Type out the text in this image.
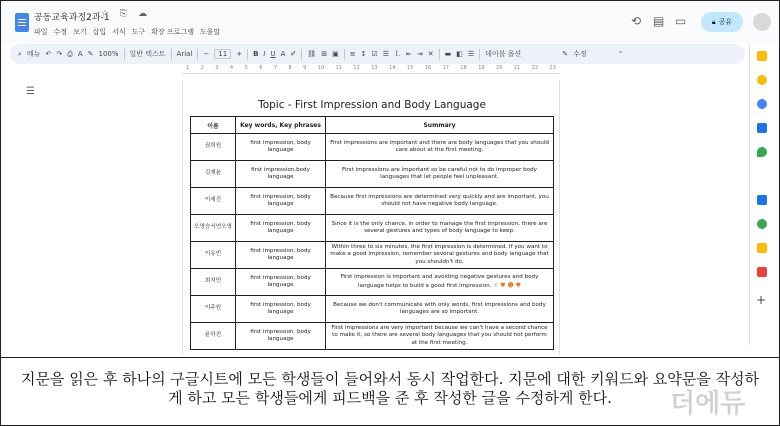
공동교육과정2과-1
☆ ⎘ ☁
파일 수정 보기 삽입 서식 도구 확장 프로그램 도움말
⟲ ▤ ▭	🔒︎ 공유
⌕ 메뉴 ↶ ↷ ⎙ A ✎ 100% 일반 텍스트 Arial −	11	+ B I U A ✐ ⛓ ⊞ ▣ ≡ ↕ ☑ ☰ ⒈ ⇤ ⇥ ✕ ▬ ◧ ☰ 데이블 옵션	✎ 수정	⌃
1 2 3 4 5 6 7 8 9 10 11 12 13 14 15 16 17 18 19 20 21 22 23
+
☰
Topic - First Impression and Body Language
이름	Key words, Key phrases	Summary
권희원	first impression, body language	First impressions are important and there are body languages that you should care about at the first meeting.
김재윤	first impression,body language	First impressions are important so be careful not to do improper body languages that let people feel unpleasant.
이세진	first impression, body language	Because first impressions are determined very quickly and are important, you should not have negative body language.
오영승서연오영	first impression, body language	Since it is the only chance, in order to manage the first impression, there are several gestures and types of body language to keep.
이유빈	first impression, body language	Within three to six minutes, the first impression is determined. If you want to make a good impression, remember several gestures and body language that you shouldn't do.
최지민	first impression, body language	First impression is important and avoiding negative gestures and body language helps to build a good first impression. ✌ ♥ ☻ ♥
이주원	first impression, body language	Because we don't communicate with only words, first impressions and body languages are so important.
윤하진	first impression, body language	First impressions are very important because we can't have a second chance to make it, so there are several body languages that you should not perform at the first meeting.
지문을 읽은 후 하나의 구글시트에 모든 학생들이 들어와서 동시 작업한다. 지문에 대한 키워드와 요약문을 작성하게 하고 모든 학생들에게 피드백을 준 후 작성한 글을 수정하게 한다.	더에듀
